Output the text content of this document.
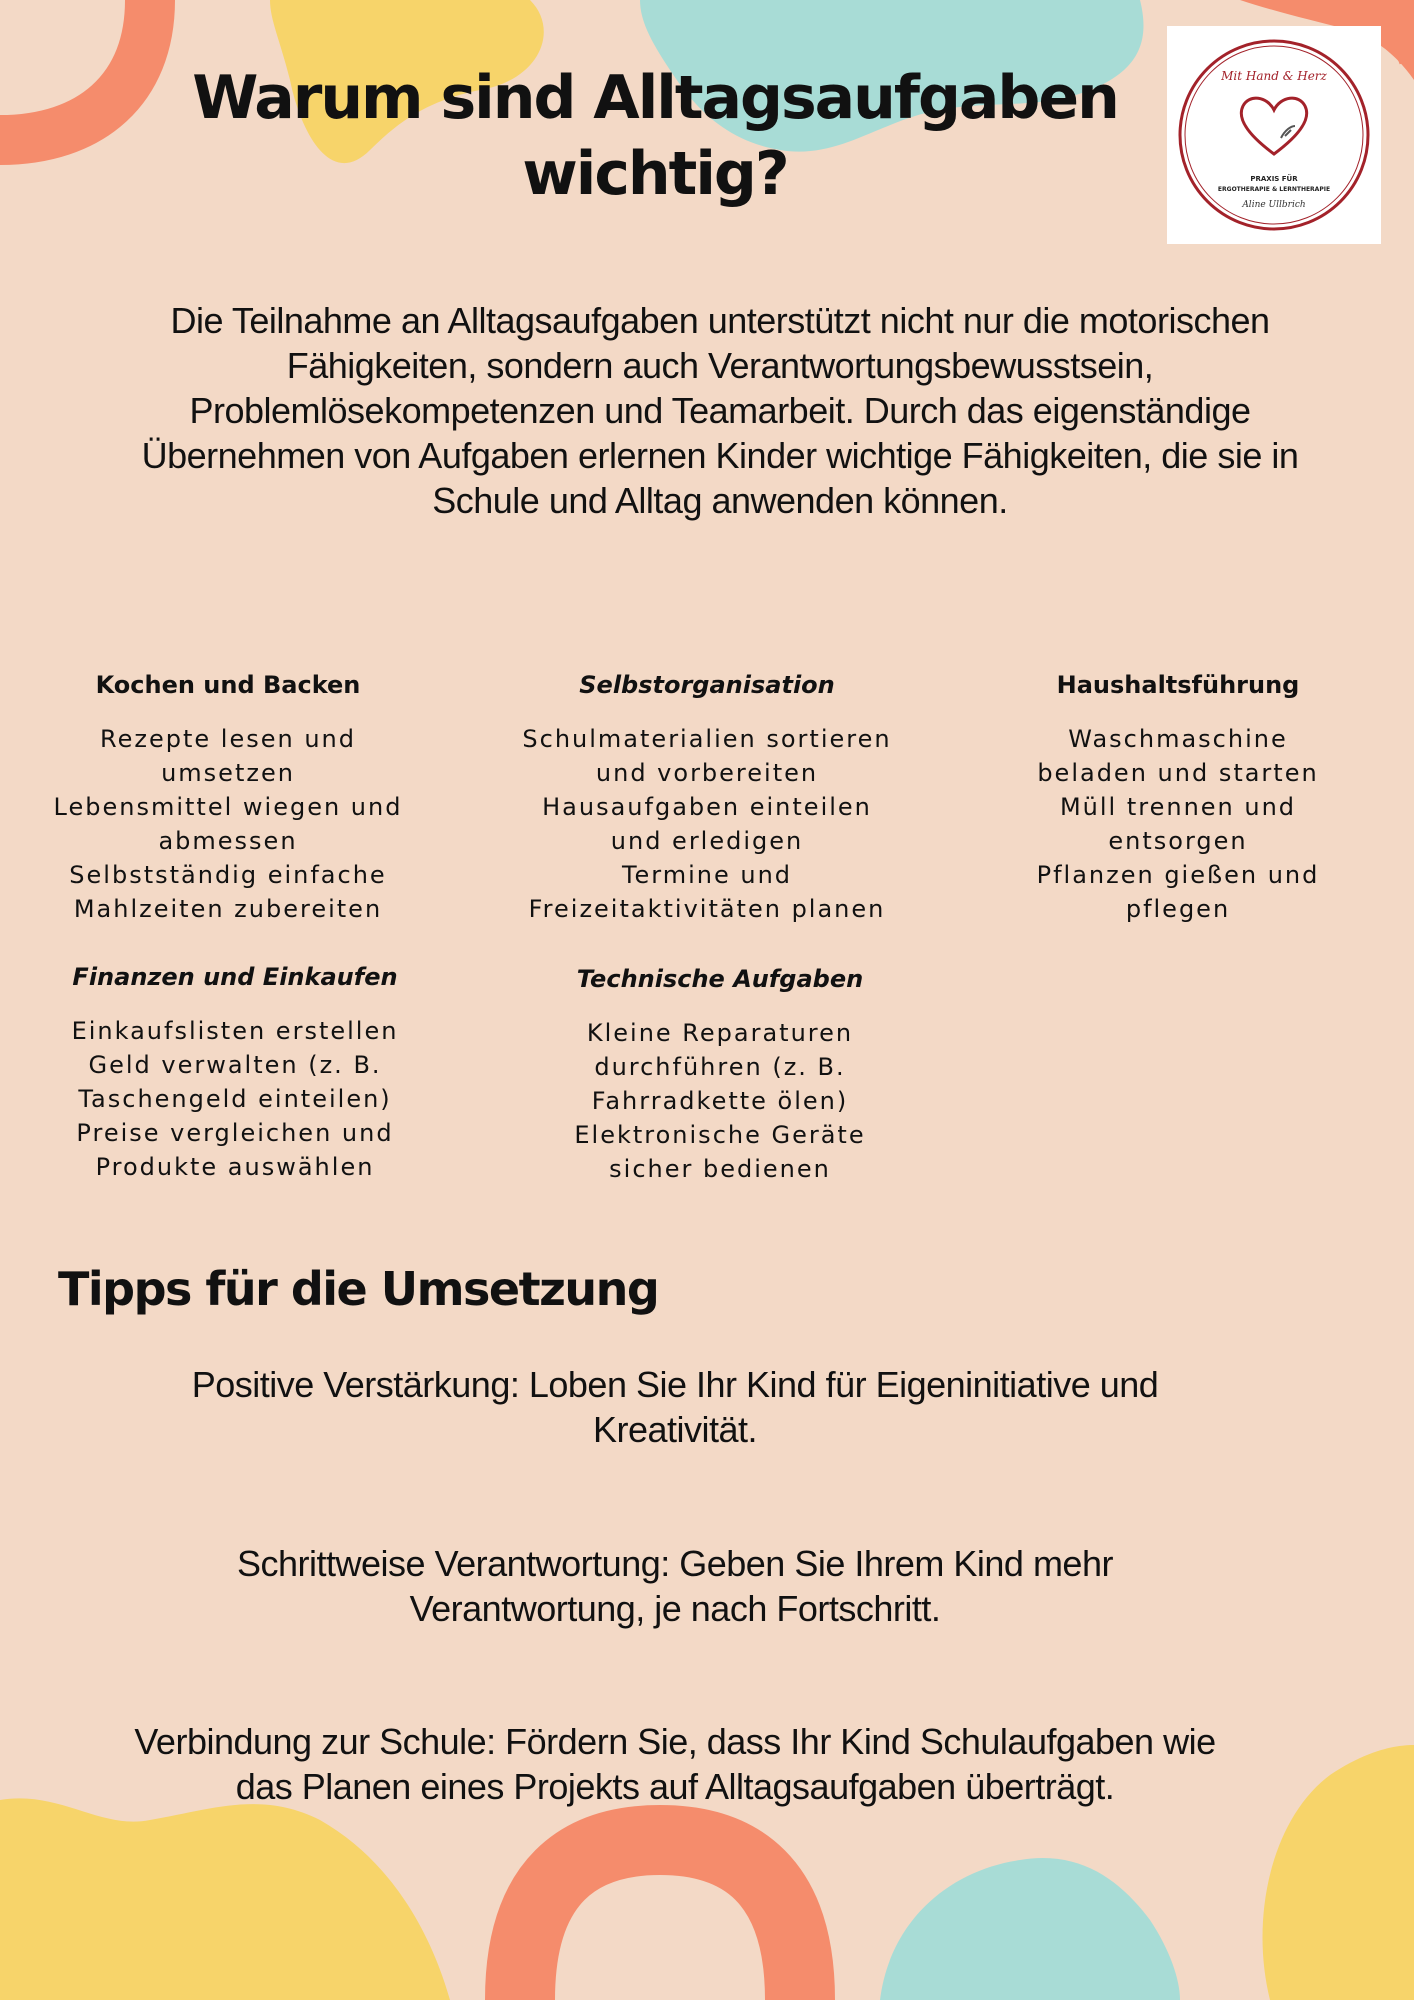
Warum sind Alltagsaufgaben wichtig?
Mit Hand & Herz
PRAXIS FÜR
ERGOTHERAPIE & LERNTHERAPIE
Aline Ullbrich

Die Teilnahme an Alltagsaufgaben unterstützt nicht nur die motorischen Fähigkeiten, sondern auch Verantwortungsbewusstsein, Problemlösekompetenzen und Teamarbeit. Durch das eigenständige Übernehmen von Aufgaben erlernen Kinder wichtige Fähigkeiten, die sie in Schule und Alltag anwenden können.

Kochen und Backen
Rezepte lesen und umsetzen
Lebensmittel wiegen und abmessen
Selbstständig einfache Mahlzeiten zubereiten
Selbstorganisation
Schulmaterialien sortieren und vorbereiten
Hausaufgaben einteilen und erledigen
Termine und Freizeitaktivitäten planen
Haushaltsführung
Waschmaschine beladen und starten
Müll trennen und entsorgen
Pflanzen gießen und pflegen
Finanzen und Einkaufen
Einkaufslisten erstellen
Geld verwalten (z. B. Taschengeld einteilen)
Preise vergleichen und Produkte auswählen
Technische Aufgaben
Kleine Reparaturen durchführen (z. B. Fahrradkette ölen)
Elektronische Geräte sicher bedienen
Tipps für die Umsetzung

Positive Verstärkung: Loben Sie Ihr Kind für Eigeninitiative und Kreativität.

Schrittweise Verantwortung: Geben Sie Ihrem Kind mehr Verantwortung, je nach Fortschritt.

Verbindung zur Schule: Fördern Sie, dass Ihr Kind Schulaufgaben wie das Planen eines Projekts auf Alltagsaufgaben überträgt.
